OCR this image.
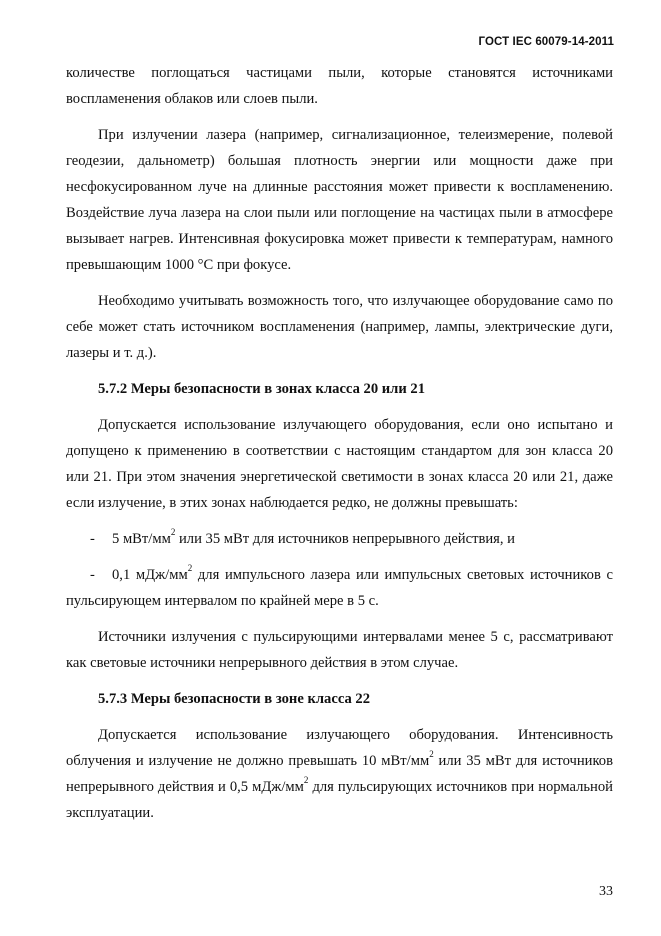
ГОСТ IEC 60079-14-2011

количестве поглощаться частицами пыли, которые становятся источниками воспламенения облаков или слоев пыли.

При излучении лазера (например, сигнализационное, телеизмерение, полевой геодезии, дальнометр) большая плотность энергии или мощности даже при несфокусированном луче на длинные расстояния может привести к воспламенению. Воздействие луча лазера на слои пыли или поглощение на частицах пыли в атмосфере вызывает нагрев. Интенсивная фокусировка может привести к температурам, намного превышающим 1000 °С при фокусе.

Необходимо учитывать возможность того, что излучающее оборудование само по себе может стать источником воспламенения (например, лампы, электрические дуги, лазеры и т. д.).

5.7.2 Меры безопасности в зонах класса 20 или 21

Допускается использование излучающего оборудования, если оно испытано и допущено к применению в соответствии с настоящим стандартом для зон класса 20 или 21. При этом значения энергетической светимости в зонах класса 20 или 21, даже если излучение, в этих зонах наблюдается редко, не должны превышать:

- 5 мВт/$мм^2$ или 35 мВт для источников непрерывного действия, и

- 0,1 мДж/$мм^2$ для импульсного лазера или импульсных световых источников с пульсирующем интервалом по крайней мере в 5 с.

Источники излучения с пульсирующими интервалами менее 5 с, рассматривают как световые источники непрерывного действия в этом случае.

5.7.3 Меры безопасности в зоне класса 22

Допускается использование излучающего оборудования. Интенсивность облучения и излучение не должно превышать 10 мВт/$мм^2$ или 35 мВт для источников непрерывного действия и 0,5 мДж/$мм^2$ для пульсирующих источников при нормальной эксплуатации.

33
